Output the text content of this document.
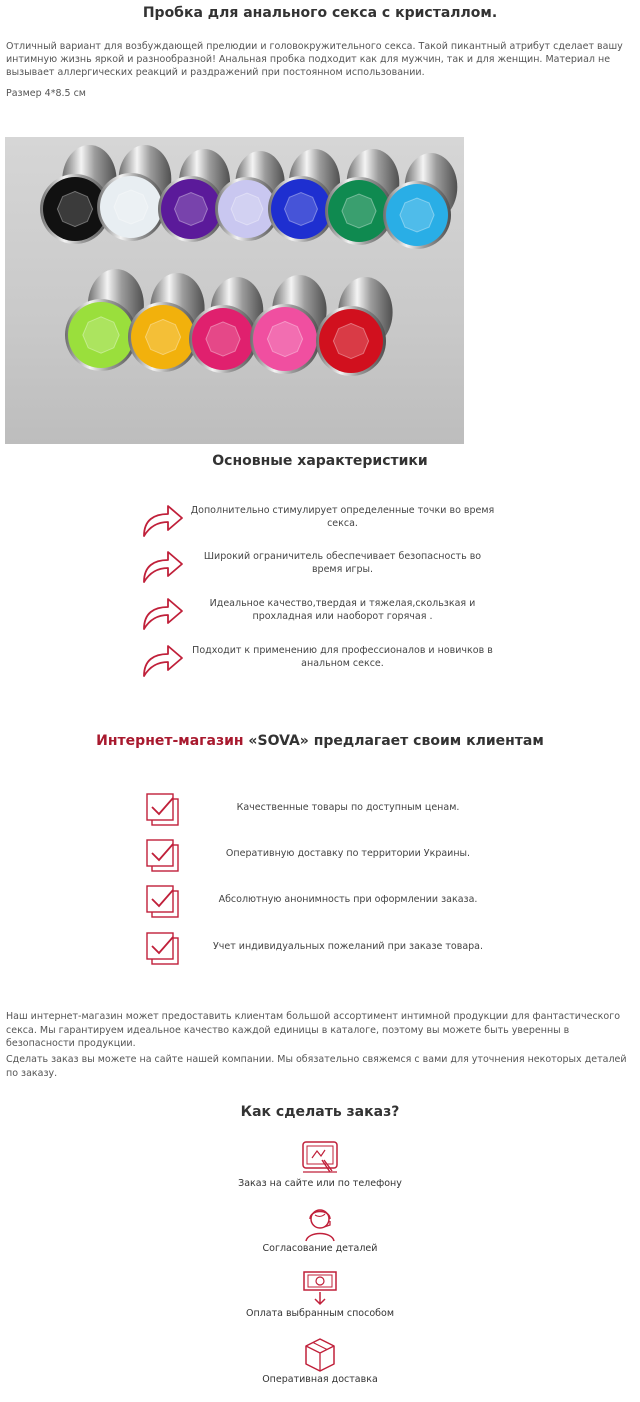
Пробка для анального секса с кристаллом.

Отличный вариант для возбуждающей прелюдии и головокружительного секса. Такой пикантный атрибут сделает вашу интимную жизнь яркой и разнообразной! Анальная пробка подходит как для мужчин, так и для женщин. Материал не вызывает аллергических реакций и раздражений при постоянном использовании.

Размер 4*8.5 см

Основные характеристики
Дополнительно стимулирует определенные точки во время секса.
Широкий ограничитель обеспечивает безопасность во время игры.
Идеальное качество,твердая и тяжелая,скользкая и прохладная или наоборот горячая .
Подходит к применению для профессионалов и новичков в анальном сексе.
Интернет-магазин «SOVA» предлагает своим клиентам
Качественные товары по доступным ценам.
Оперативную доставку по территории Украины.
Абсолютную анонимность при оформлении заказа.
Учет индивидуальных пожеланий при заказе товара.

Наш интернет-магазин может предоставить клиентам большой ассортимент интимной продукции для фантастического секса. Мы гарантируем идеальное качество каждой единицы в каталоге, поэтому вы можете быть уверенны в безопасности продукции.

Сделать заказ вы можете на сайте нашей компании. Мы обязательно свяжемся с вами для уточнения некоторых деталей по заказу.

Как сделать заказ?
Заказ на сайте или по телефону
Согласование деталей
Оплата выбранным способом
Оперативная доставка
